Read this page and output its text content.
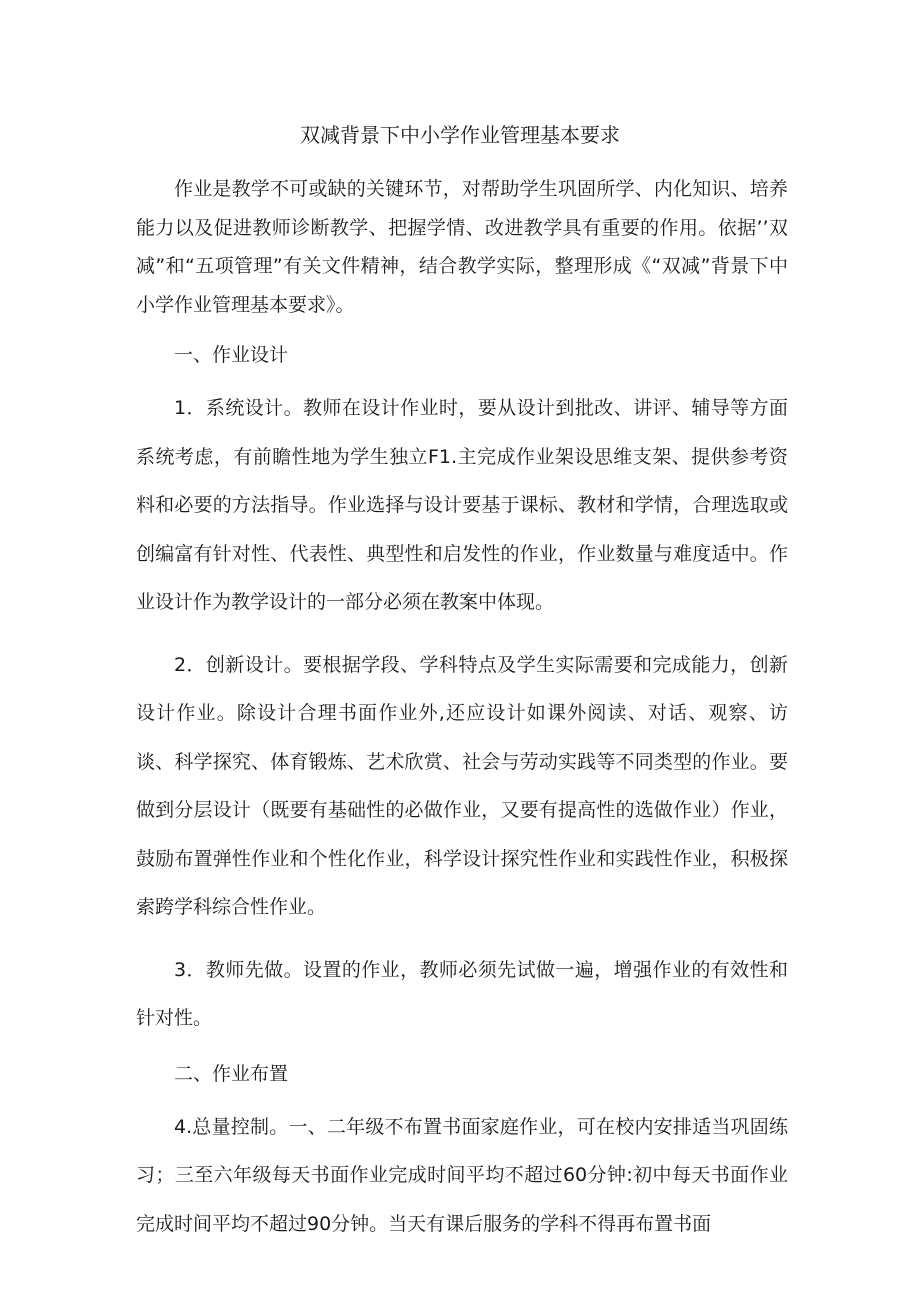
双减背景下中小学作业管理基本要求

作业是教学不可或缺的关键环节，对帮助学生巩固所学、内化知识、培养能力以及促进教师诊断教学、把握学情、改进教学具有重要的作用。依据’’双减”和“五项管理”有关文件精神，结合教学实际，整理形成《“双减”背景下中小学作业管理基本要求》。

一、作业设计

1．系统设计。教师在设计作业时，要从设计到批改、讲评、辅导等方面系统考虑，有前瞻性地为学生独立F1.主完成作业架设思维支架、提供参考资料和必要的方法指导。作业选择与设计要基于课标、教材和学情，合理选取或创编富有针对性、代表性、典型性和启发性的作业，作业数量与难度适中。作业设计作为教学设计的一部分必须在教案中体现。

2．创新设计。要根据学段、学科特点及学生实际需要和完成能力，创新设计作业。除设计合理书面作业外,还应设计如课外阅读、对话、观察、访谈、科学探究、体育锻炼、艺术欣赏、社会与劳动实践等不同类型的作业。要做到分层设计（既要有基础性的必做作业，又要有提高性的选做作业）作业，鼓励布置弹性作业和个性化作业，科学设计探究性作业和实践性作业，积极探索跨学科综合性作业。

3．教师先做。设置的作业，教师必须先试做一遍，增强作业的有效性和针对性。

二、作业布置

4.总量控制。一、二年级不布置书面家庭作业，可在校内安排适当巩固练习；三至六年级每天书面作业完成时间平均不超过60分钟:初中每天书面作业完成时间平均不超过90分钟。当天有课后服务的学科不得再布置书面
